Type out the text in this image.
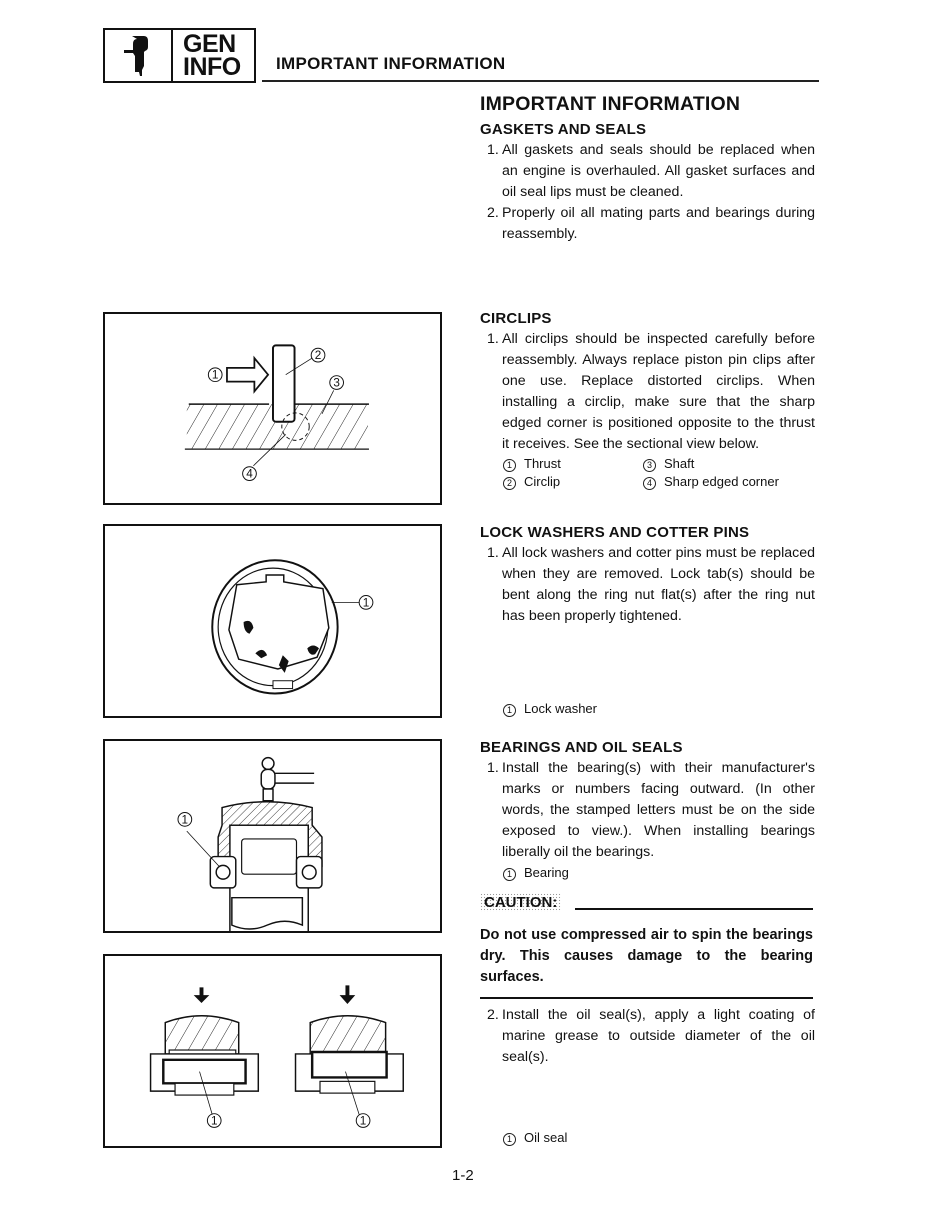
GEN
INFO	IMPORTANT INFORMATION
IMPORTANT INFORMATION
GASKETS AND SEALS
1. All gaskets and seals should be replaced when an engine is overhauled. All gasket surfaces and oil seal lips must be cleaned.
2. Properly oil all mating parts and bearings during reassembly.
CIRCLIPS
1. All circlips should be inspected carefully before reassembly. Always replace piston pin clips after one use. Replace distorted circlips. When installing a circlip, make sure that the sharp edged corner is positioned opposite to the thrust it receives. See the sectional view below.
1 Thrust	3 Shaft
2 Circlip	4 Sharp edged corner
LOCK WASHERS AND COTTER PINS
1. All lock washers and cotter pins must be replaced when they are removed. Lock tab(s) should be bent along the ring nut flat(s) after the ring nut has been properly tightened.
1 Lock washer
BEARINGS AND OIL SEALS
1. Install the bearing(s) with their manufacturer's marks or numbers facing outward. (In other words, the stamped letters must be on the side exposed to view.). When installing bearings liberally oil the bearings.
1 Bearing
CAUTION:
Do not use compressed air to spin the bearings dry. This causes damage to the bearing surfaces.
2. Install the oil seal(s), apply a light coating of marine grease to outside diameter of the oil seal(s).
1 Oil seal
1
2
3
4
1
1
1	1
1-2
